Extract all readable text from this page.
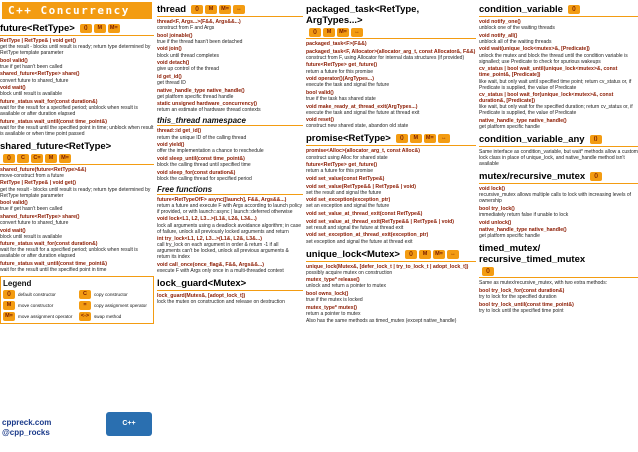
C++ Concurrency
future<RetType>	()	M	M=
RetType | RetType& | void get()
get the result - blocks until result is ready; return type determined by RetType template parameter
bool valid()
true if get hasn't been called
shared_future<RetType> share()
convert future to shared_future
void wait()
block until result is available
future_status wait_for(const duration&)
wait for the result for a specified period; unblock when result is available or after duration elapsed
future_status wait_until(const time_point&)
wait for the result until the specified point in time; unblock when result is available or when time point passed
shared_future<RetType>
()	C	C=	M	M=
shared_future(future<RetType>&&)
move-construct from a future
RetType | RetType& | void get()
get the result - blocks until result is ready; return type determined by RetType template parameter
bool valid()
true if get hasn't been called
shared_future<RetType> share()
convert future to shared_future
void wait()
block until result is available
future_status wait_for(const duration&)
wait for the result for a specified period; unblock when result is available or after duration elapsed
future_status wait_until(const time_point&)
wait for the result until the specified point in time
Legend
()	default constructor	C	copy constructor
M	move constructor	=	copy assignment operator
M=	move assignment operator	<->	swap method
cppreck.com
@cpp_rocks
C++
thread	()	M	M=	↔
thread<F, Args...>(F&&, Args&&...)
construct from F and Args
bool joinable()
true if the thread hasn't been detached
void join()
block until thread completes
void detach()
give up control of the thread
id get_id()
get thread ID
native_handle_type native_handle()
get platform specific thread handle
static unsigned hardware_concurrency()
return an estimate of hardware thread contexts
this_thread namespace
thread::id get_id()
return the unique ID of the calling thread
void yield()
offer the implementation a chance to reschedule
void sleep_until(const time_point&)
block the calling thread until specified time
void sleep_for(const duration&)
block the calling thread for specified period
Free functions
future<RetTypeOfF> async([launch], F&&, Args&&...)
return a future and execute F with Args according to launch policy if provided, or with launch::async | launch::deferred otherwise
void lock<L1, L2, L3...>(L1&, L2&, L3&...)
lock all arguments using a deadlock avoidance algorithm; in case of failure, unlock all previously locked arguments and return
int try_lock<L1, L2, L3...>(L1&, L2&, L3&...)
call try_lock on each argument in order & return -1 if all arguments can't be locked, unlock all previous arguments & return its index
void call_once(once_flag&, F&&, Args&&...)
execute F with Args only once in a multi-threaded context
lock_guard<Mutex>
lock_guard(Mutex&, [adopt_lock_t])
lock the mutex on construction and release on destruction
packaged_task<RetType, ArgTypes...>
()	M	M=	↔
packaged_task<F>(F&&)
packaged_task<F, Allocator>(allocator_arg_t, const Allocator&, F&&)
construct from F, using Allocator for internal data structures (if provided)
future<RetType> get_future()
return a future for this promise
void operator()(ArgTypes...)
execute the task and signal the future
bool valid()
true if the task has shared state
void make_ready_at_thread_exit(ArgTypes...)
execute the task and signal the future at thread exit
void reset()
construct new shared state, abandon old state
promise<RetType>	()	M	M=	↔
promise<Alloc>(allocator_arg_t, const Alloc&)
construct using Alloc for shared state
future<RetType> get_future()
return a future for this promise
void set_value(const RetType&)
void set_value(RetType&& | RetType& | void)
set the result and signal the future
void set_exception(exception_ptr)
set an exception and signal the future
void set_value_at_thread_exit(const RetType&)
void set_value_at_thread_exit(RetType&& | RetType& | void)
set result and signal the future at thread exit
void set_exception_at_thread_exit(exception_ptr)
set exception and signal the future at thread exit
unique_lock<Mutex>	()	M	M=	↔
unique_lock(Mutex&, [defer_lock_t | try_to_lock_t | adopt_lock_t])
possibly acquire mutex on construction
mutex_type* release()
unlock and return a pointer to mutex
bool owns_lock()
true if the mutex is locked
mutex_type* mutex()
return a pointer to mutex
Also has the same methods as timed_mutex (except native_handle)
condition_variable	()
void notify_one()
unblock one of the waiting threads
void notify_all()
unblock all of the waiting threads
void wait(unique_lock<mutex>&, [Predicate])
unlock the mutex and block the thread until the condition variable is signalled; use Predicate to check for spurious wakeups
cv_status | bool wait_until(unique_lock<mutex>&, const time_point&, [Predicate])
like wait, but only wait until specified time point; return cv_status or, if Predicate is supplied, the value of Predicate
cv_status | bool wait_for(unique_lock<mutex>&, const duration&, [Predicate])
like wait, but only wait for the specified duration; return cv_status or, if Predicate is supplied, the value of Predicate
native_handle_type native_handle()
get platform specific handle
condition_variable_any	()
Same interface as condition_variable, but wait* methods allow a custom lock class in place of unique_lock, and native_handle method isn't available
mutex/recursive_mutex	()
void lock()
recursive_mutex allows multiple calls to lock with increasing levels of ownership
bool try_lock()
immediately return false if unable to lock
void unlock()
native_handle_type native_handle()
get platform specific handle
timed_mutex/ recursive_timed_mutex
()
Same as mutex/recursive_mutex, with two extra methods:
bool try_lock_for(const duration&)
try to lock for the specified duration
bool try_lock_until(const time_point&)
try to lock until the specified time point
